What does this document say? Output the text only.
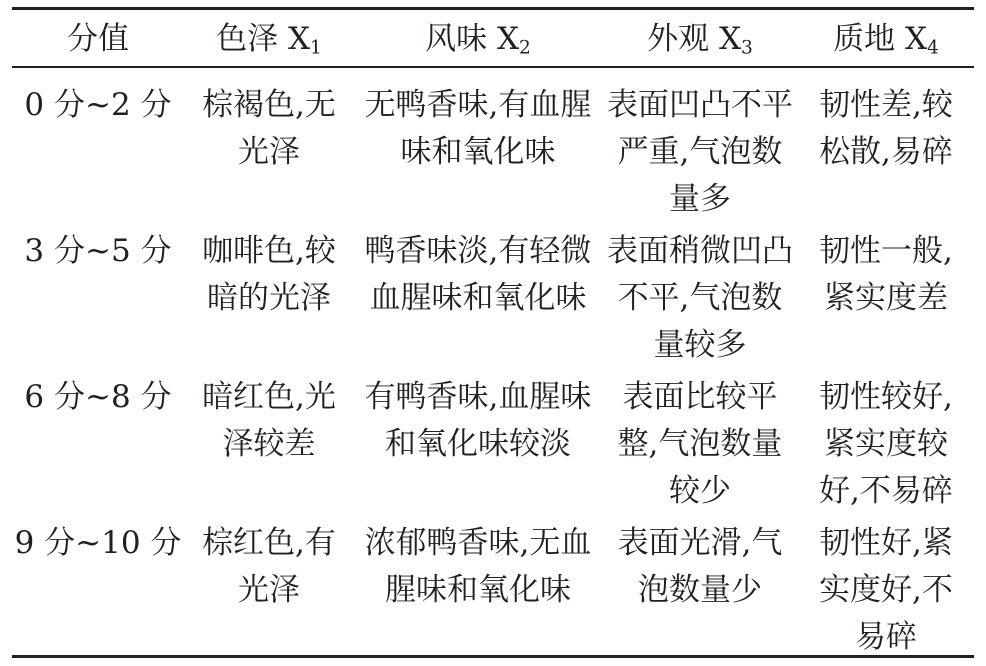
分值	色泽 $X_1$	风味 $X_2$	外观 $X_3$	质地 $X_4$
0 分~2 分	棕褐色,无光泽	无鸭香味,有血腥味和氧化味	表面凹凸不平严重,气泡数量多	韧性差,较松散,易碎
3 分~5 分	咖啡色,较暗的光泽	鸭香味淡,有轻微血腥味和氧化味	表面稍微凹凸不平,气泡数量较多	韧性一般,紧实度差
6 分~8 分	暗红色,光泽较差	有鸭香味,血腥味和氧化味较淡	表面比较平整,气泡数量较少	韧性较好,紧实度较好,不易碎
9 分~10 分	棕红色,有光泽	浓郁鸭香味,无血腥味和氧化味	表面光滑,气泡数量少	韧性好,紧实度好,不易碎
